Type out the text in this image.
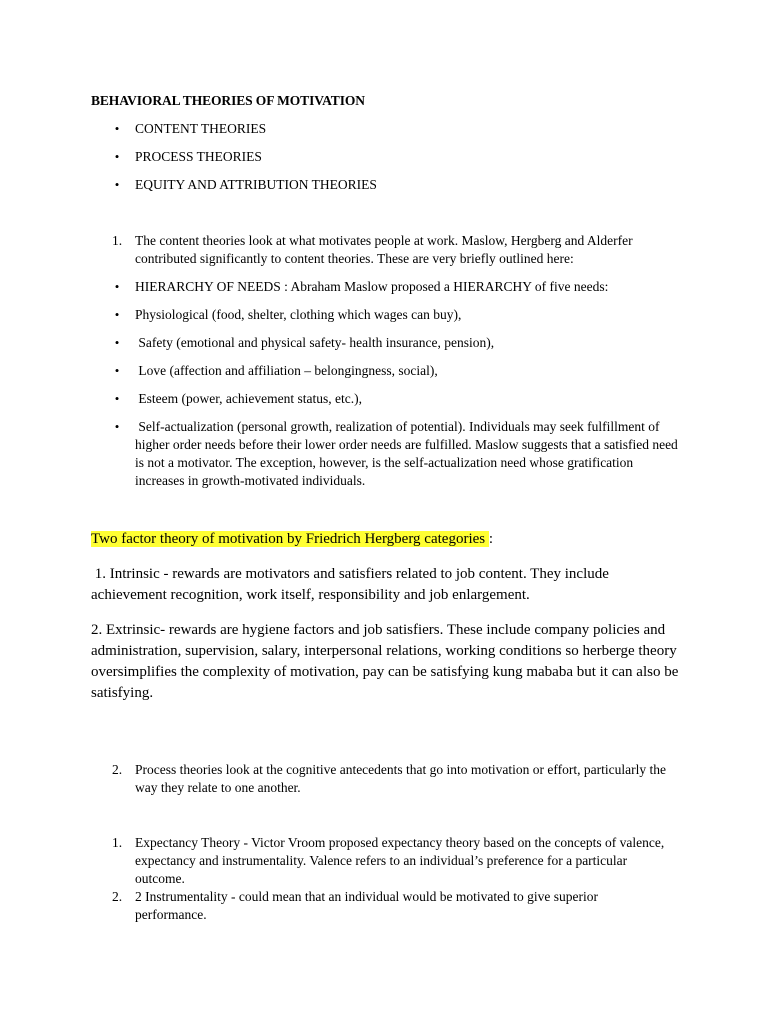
BEHAVIORAL THEORIES OF MOTIVATION
• CONTENT THEORIES
• PROCESS THEORIES
• EQUITY AND ATTRIBUTION THEORIES
1. The content theories look at what motivates people at work. Maslow, Hergberg and Alderfer contributed significantly to content theories. These are very briefly outlined here:
• HIERARCHY OF NEEDS : Abraham Maslow proposed a HIERARCHY of five needs:
• Physiological (food, shelter, clothing which wages can buy),
• Safety (emotional and physical safety- health insurance, pension),
• Love (affection and affiliation – belongingness, social),
• Esteem (power, achievement status, etc.),
• Self-actualization (personal growth, realization of potential). Individuals may seek fulfillment of higher order needs before their lower order needs are fulfilled. Maslow suggests that a satisfied need is not a motivator. The exception, however, is the self-actualization need whose gratification increases in growth-motivated individuals.
Two factor theory of motivation by Friedrich Hergberg categories :
1. Intrinsic - rewards are motivators and satisfiers related to job content. They include achievement recognition, work itself, responsibility and job enlargement.
2. Extrinsic- rewards are hygiene factors and job satisfiers. These include company policies and administration, supervision, salary, interpersonal relations, working conditions so herberge theory oversimplifies the complexity of motivation, pay can be satisfying kung mababa but it can also be satisfying.
2. Process theories look at the cognitive antecedents that go into motivation or effort, particularly the way they relate to one another.
1. Expectancy Theory - Victor Vroom proposed expectancy theory based on the concepts of valence, expectancy and instrumentality. Valence refers to an individual’s preference for a particular outcome.
2. 2 Instrumentality - could mean that an individual would be motivated to give superior performance.
